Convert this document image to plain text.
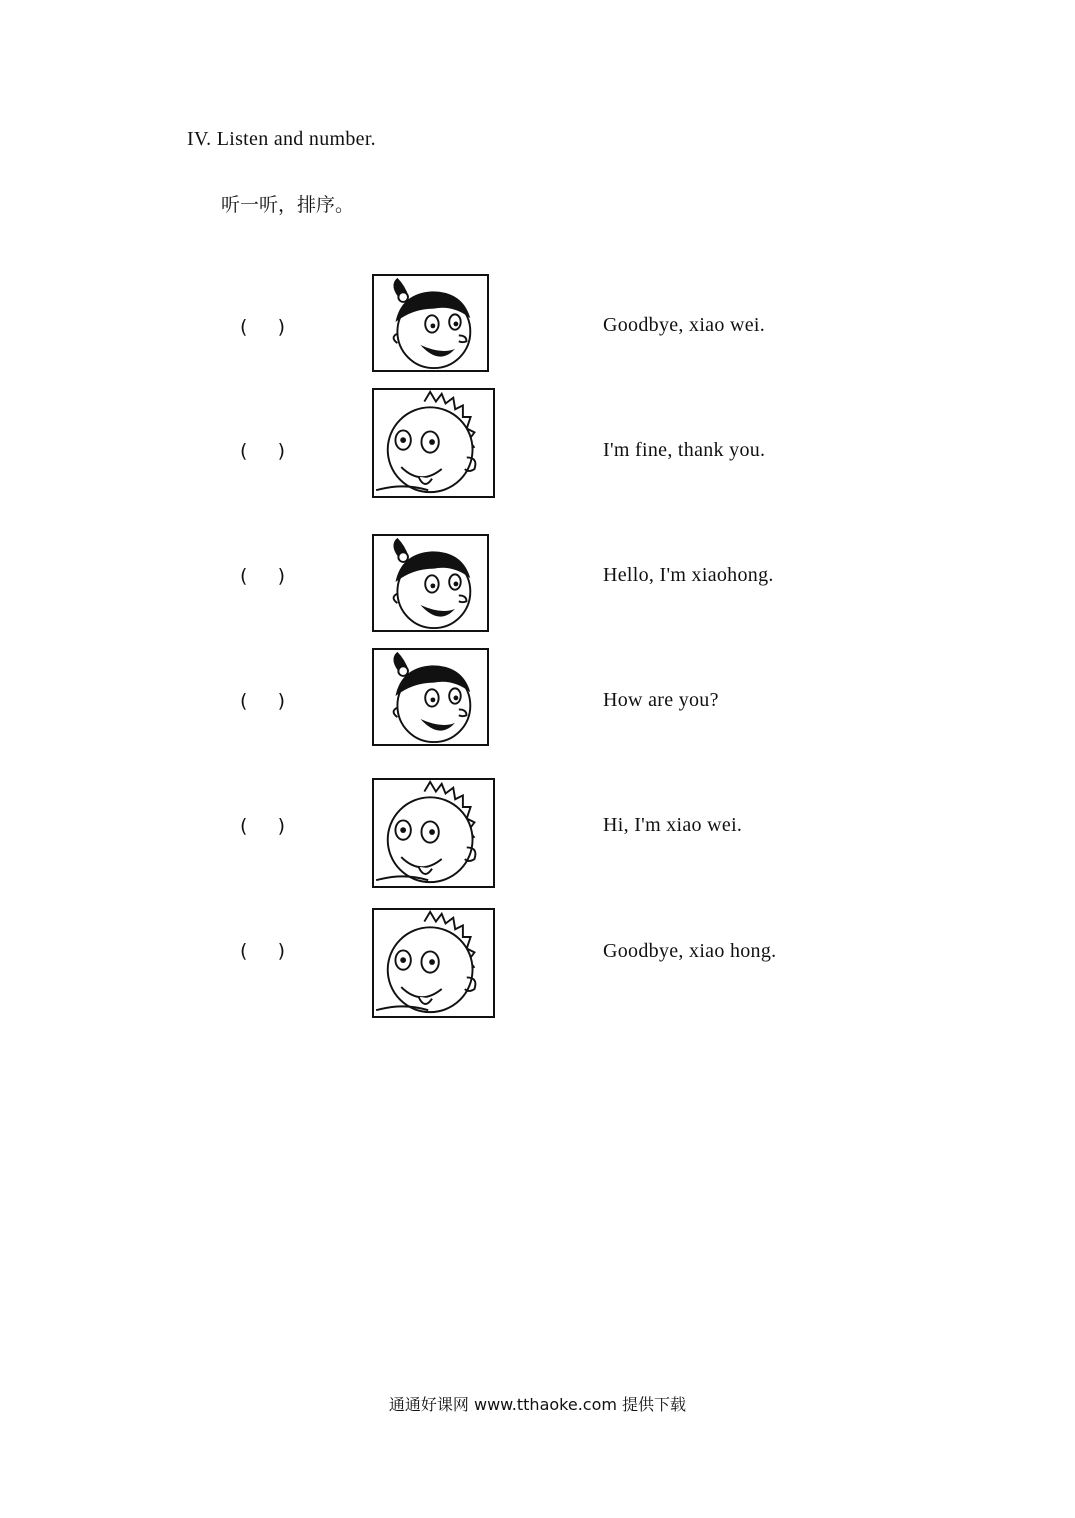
IV. Listen and number.
听一听，排序。
(     )	Goodbye, xiao wei.
(     )	I'm fine, thank you.
(     )	Hello, I'm xiaohong.
(     )	How are you?
(     )	Hi, I'm xiao wei.
(     )	Goodbye, xiao hong.
通通好课网 www.tthaoke.com 提供下载
